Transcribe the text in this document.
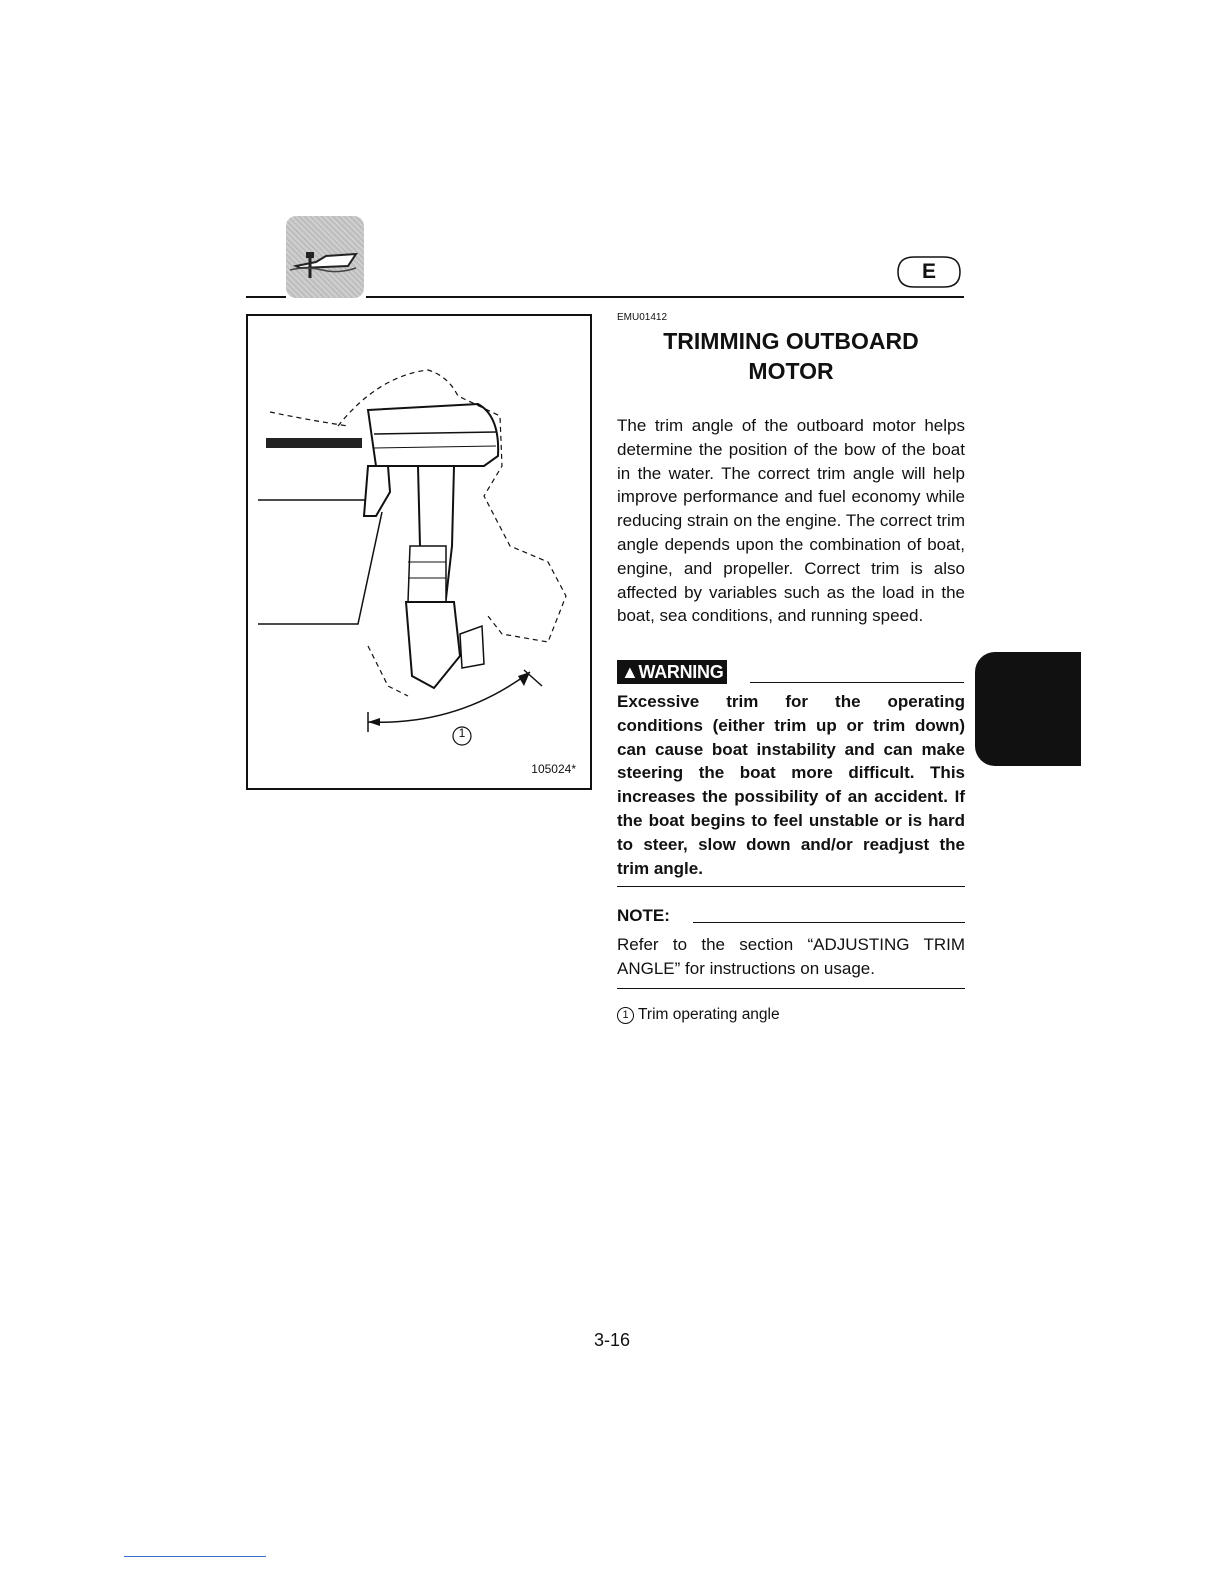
E
1
105024*
EMU01412
TRIMMING OUTBOARD
MOTOR
The trim angle of the outboard motor helps determine the position of the bow of the boat in the water. The correct trim angle will help improve performance and fuel economy while reducing strain on the engine. The correct trim angle depends upon the combination of boat, engine, and propeller. Correct trim is also affected by variables such as the load in the boat, sea conditions, and running speed.
▲WARNING
Excessive trim for the operating conditions (either trim up or trim down) can cause boat instability and can make steering the boat more difficult. This increases the possibility of an accident. If the boat begins to feel unstable or is hard to steer, slow down and/or readjust the trim angle.
NOTE:
Refer to the section “ADJUSTING TRIM ANGLE” for instructions on usage.
1 Trim operating angle
3-16
